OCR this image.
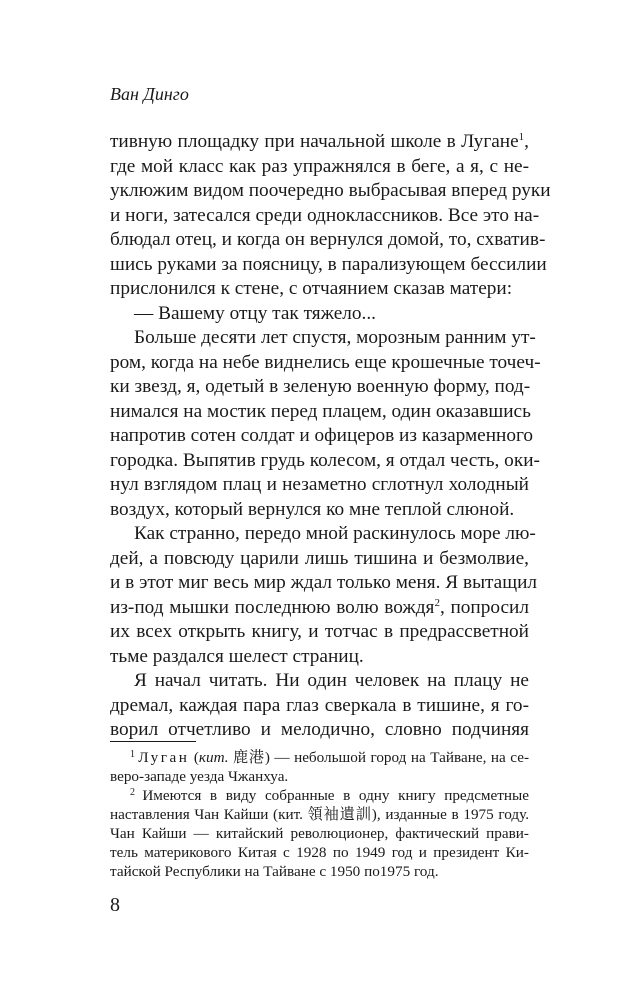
Ван Динго
тивную площадку при начальной школе в Лугане$^1$,
где мой класс как раз упражнялся в беге, а я, с не-
уклюжим видом поочередно выбрасывая вперед руки
и ноги, затесался среди одноклассников. Все это на-
блюдал отец, и когда он вернулся домой, то, схватив-
шись руками за поясницу, в парализующем бессилии
прислонился к стене, с отчаянием сказав матери:
— Вашему отцу так тяжело...
Больше десяти лет спустя, морозным ранним ут-
ром, когда на небе виднелись еще крошечные точеч-
ки звезд, я, одетый в зеленую военную форму, под-
нимался на мостик перед плацем, один оказавшись
напротив сотен солдат и офицеров из казарменного
городка. Выпятив грудь колесом, я отдал честь, оки-
нул взглядом плац и незаметно сглотнул холодный
воздух, который вернулся ко мне теплой слюной.
Как странно, передо мной раскинулось море лю-
дей, а повсюду царили лишь тишина и безмолвие,
и в этот миг весь мир ждал только меня. Я вытащил
из-под мышки последнюю волю вождя$^2$, попросил
их всех открыть книгу, и тотчас в предрассветной
тьме раздался шелест страниц.
Я начал читать. Ни один человек на плацу не
дремал, каждая пара глаз сверкала в тишине, я го-
ворил отчетливо и мелодично, словно подчиняя
$^1$ Луган (кит. 鹿港) — небольшой город на Тайване, на се-
веро-западе уезда Чжанхуа.
$^2$ Имеются в виду собранные в одну книгу предсметные
наставления Чан Кайши (кит. 領袖遺訓), изданные в 1975 году.
Чан Кайши — китайский революционер, фактический прави-
тель материкового Китая с 1928 по 1949 год и президент Ки-
тайской Республики на Тайване с 1950 по1975 год.
8
